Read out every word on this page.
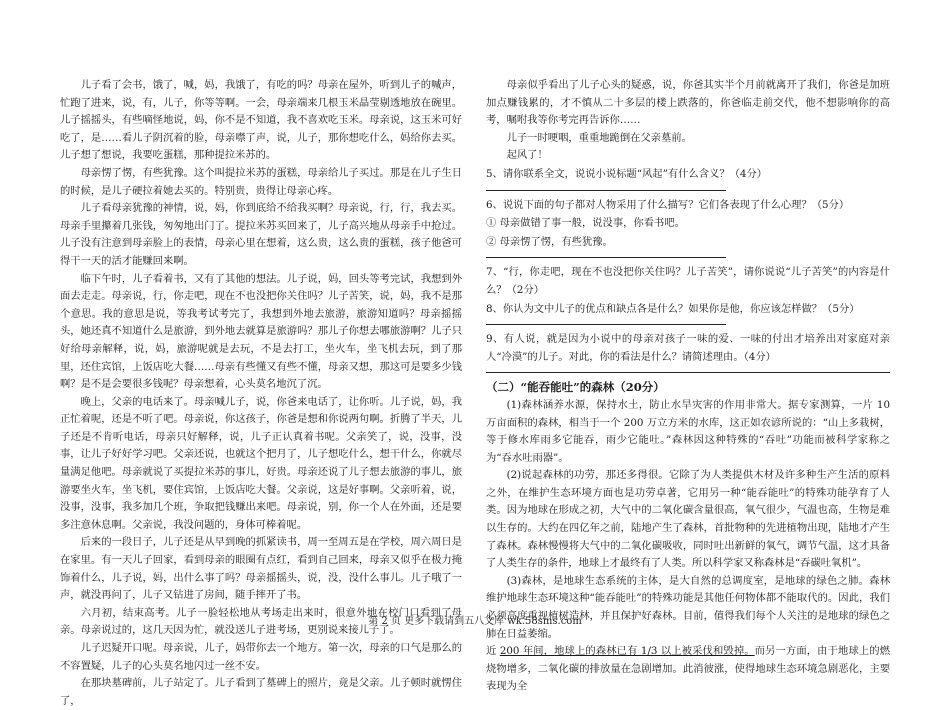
儿子看了会书，饿了，喊，妈，我饿了，有吃的吗？母亲在屋外，听到儿子的喊声，忙跑了进来，说，有，儿子，你等等啊。一会，母亲端来几根玉米晶莹剔透地放在碗里。儿子摇摇头，有些嘀怪地说，妈，你不是不知道，我不喜欢吃玉米。母亲说，这玉米可好吃了，是……看儿子阴沉着的脸，母亲噤了声，说，儿子，那你想吃什么，妈给你去买。儿子想了想说，我要吃蛋糕，那种提拉米苏的。

母亲愣了愣，有些犹豫。这个叫提拉米苏的蛋糕，母亲给儿子买过。那是在儿子生日的时候，是儿子硬拉着她去买的。特别贵，贵得让母亲心疼。

儿子看母亲犹豫的神情，说，妈，你到底给不给我买啊？母亲说，行，行，我去买。母亲手里攥着几张钱，匆匆地出门了。提拉米苏买回来了，儿子高兴地从母亲手中抢过。儿子没有注意到母亲脸上的表情，母亲心里在想着，这么贵，这么贵的蛋糕，孩子他爸可得干一天的活才能赚回来啊。

临下午时，儿子看着书，又有了其他的想法。儿子说，妈，回头等考完试，我想到外面去走走。母亲说，行，你走吧，现在不也没把你关住吗？儿子苦笑，说，妈，我不是那个意思。我的意思是说，等我考试考完了，我想到外地去旅游，旅游知道吗？母亲摇摇头，她还真不知道什么是旅游，到外地去就算是旅游吗？那儿子你想去哪旅游啊？儿子只好给母亲解释，说，妈，旅游呢就是去玩，不是去打工，坐火车，坐飞机去玩，到了那里，还住宾馆，上饭店吃大餐……母亲有些懂又有些不懂，母亲又想，那这可是要多少钱啊？是不是会要很多钱呢？母亲想着，心头莫名地沉了沉。

晚上，父亲的电话来了。母亲喊儿子，说，你爸来电话了，让你听。儿子说，妈，我正忙着呢，还是不听了吧。母亲说，你这孩子，你爸是想和你说两句啊。折腾了半天，儿子还是不肯听电话，母亲只好解释，说，儿子正认真着书呢。父亲笑了，说，没事，没事，让儿子好好学习吧。父亲还说，也就这个把月了，儿子想吃什么，想干什么，你就尽量满足他吧。母亲就说了买提拉米苏的事儿，好贵。母亲还说了儿子想去旅游的事儿，旅游要坐火车，坐飞机，要住宾馆，上饭店吃大餐。父亲说，这是好事啊。父亲听着，说，没事，没事，我多加几个班，争取把钱赚出来吧。母亲说，别，你一个人在外面，还是要多注意休息啊。父亲说，我没问题的，身体可棒着呢。

后来的一段日子，儿子还是从早到晚的抓紧读书，周一至周五是在学校，周六周日是在家里。有一天儿子回家，看到母亲的眼圈有点红，看到自己回来，母亲又似乎在极力掩饰着什么，儿子说，妈，出什么事了吗？母亲摇摇头，说，没，没什么事儿。儿子哦了一声，就没再问了，儿子又钻进了房间，随手摔开了书。

六月初，结束高考。儿子一脸轻松地从考场走出来时，很意外地在校门口看到了母亲。母亲说过的，这几天因为忙，就没送儿子进考场，更别说来接儿子了。

儿子迟疑开口呢。母亲说，儿子，妈带你去一个地方。第一次，母亲的口气是那么的不容置疑，儿子的心头莫名地闪过一丝不安。

在那块墓碑前，儿子站定了。儿子看到了墓碑上的照片，竟是父亲。儿子顿时就愣住了，

母亲似乎看出了儿子心头的疑惑，说，你爸其实半个月前就离开了我们，你爸是加班加点赚钱累的，才不慎从二十多层的楼上跌落的，你爸临走前交代，他不想影响你的高考，嘱咐我等你考完再告诉你……

儿子一时哽咽，重重地跪倒在父亲墓前。

起风了！

5、请你联系全文，说说小说标题“风起”有什么含义？（4分）

6、说说下面的句子都对人物采用了什么描写？它们各表现了什么心理？（5分）

① 母亲做错了事一般，说没事，你看书吧。

② 母亲愣了愣，有些犹豫。

7、“行，你走吧，现在不也没把你关住吗？儿子苦笑”，请你说说“儿子苦笑”的内容是什么？（2分）

8、你认为文中儿子的优点和缺点各是什么？如果你是他，你应该怎样做？（5分）

9、有人说，就是因为小说中的母亲对孩子一味的爱、一味的付出才培养出对家庭对亲人“冷漠”的儿子。对此，你的看法是什么？请简述理由。（4分）

（二）“能吞能吐”的森林（20分）

(1)森林涵养水源，保持水土，防止水旱灾害的作用非常大。据专家测算，一片 10 万亩面积的森林，相当于一个 200 万立方米的水库，这正如农谚所说的：“山上多栽树，等于修水库雨多它能吞，雨少它能吐。”森林因这种特殊的“吞吐”功能而被科学家称之为“吞水吐雨器”。

(2)说起森林的功劳，那还多得很。它除了为人类提供木材及许多种生产生活的原料之外，在维护生态环境方面也是功劳卓著，它用另一种“能吞能吐”的特殊功能孕育了人类。因为地球在形成之初，大气中的二氧化碳含量很高，氧气很少，气温也高，生物是难以生存的。大约在四亿年之前，陆地产生了森林，首批物种的先进植物出现，陆地才产生了森林。森林慢慢将大气中的二氧化碳吸收，同时吐出新鲜的氧气，调节气温，这才具备了人类生存的条件，地球上才最终有了人类。所以科学家又称森林是“吞碳吐氧机”。

(3)森林，是地球生态系统的主体，是大自然的总调度室，是地球的绿色之肺。森林维护地球生态环境这种“能吞能吐”的特殊功能是其他任何物体都不能取代的。因此，我们必须高度重视植树造林，并且保护好森林。目前，值得我们每个人关注的是地球的绿色之肺在日益萎缩。

近 200 年间，地球上的森林已有 1/3 以上被采伐和毁掉。而另一方面，由于地球上的燃烧物增多，二氧化碳的排放量在急剧增加。此消彼涨，使得地球生态环境急剧恶化，主要表现为全

第 2 页 更多下载请到五八文库 wk.58sms.com
